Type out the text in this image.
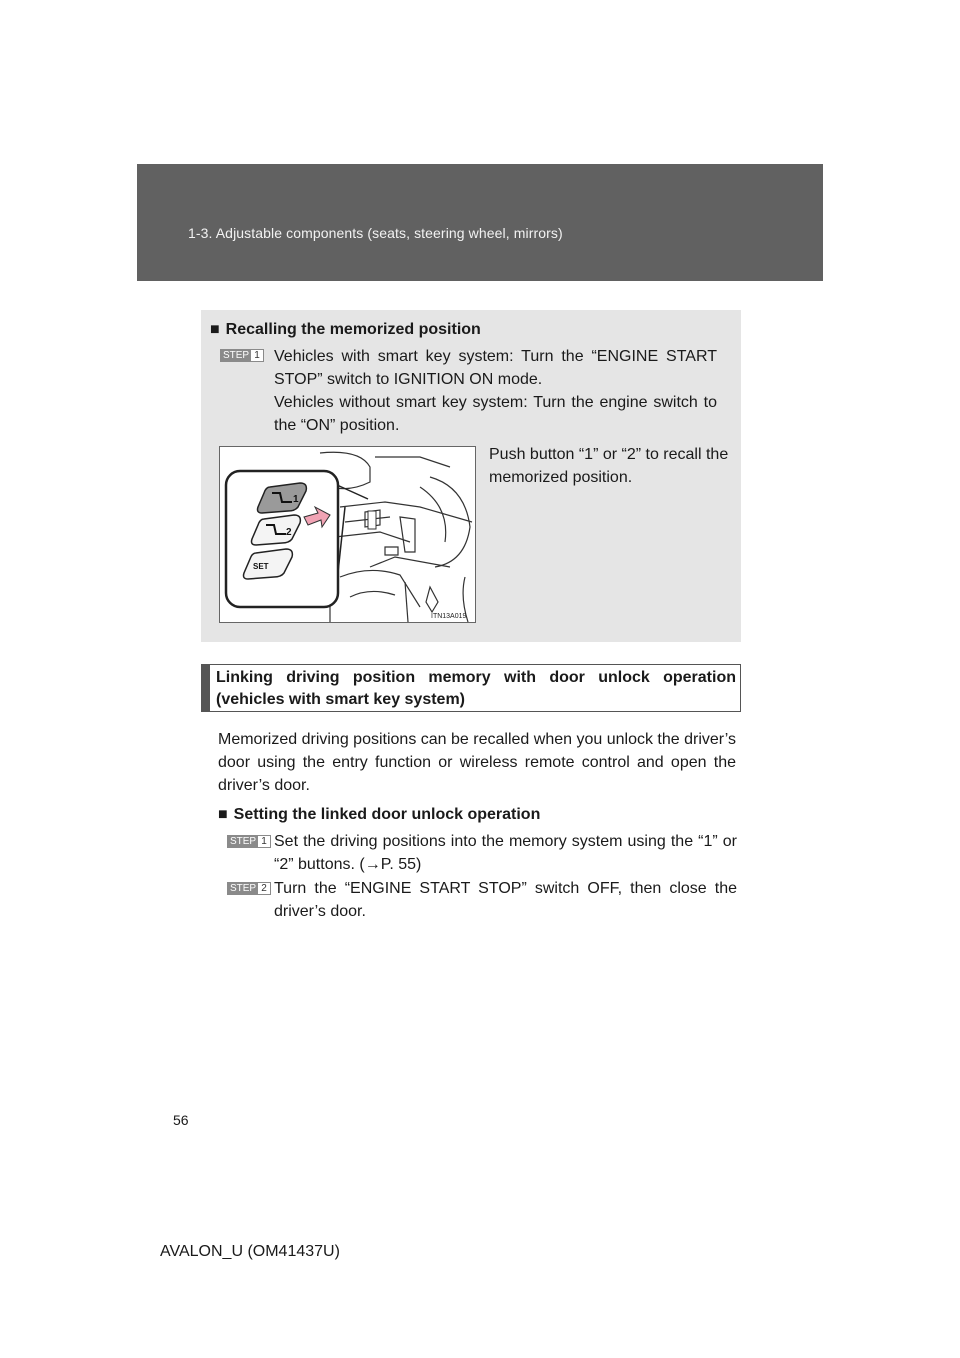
1-3. Adjustable components (seats, steering wheel, mirrors)
■ Recalling the memorized position
STEP 1 Vehicles with smart key system: Turn the “ENGINE START STOP” switch to IGNITION ON mode.
Vehicles without smart key system: Turn the engine switch to the “ON” position.
1
2
SET
ITN13A019
Push button “1” or “2” to recall the memorized position.
Linking driving position memory with door unlock operation (vehicles with smart key system)
Memorized driving positions can be recalled when you unlock the driver’s door using the entry function or wireless remote control and open the driver’s door.
■ Setting the linked door unlock operation
STEP 1 Set the driving positions into the memory system using the “1” or “2” buttons. (→P. 55)
STEP 2 Turn the “ENGINE START STOP” switch OFF, then close the driver’s door.
56
AVALON_U (OM41437U)
